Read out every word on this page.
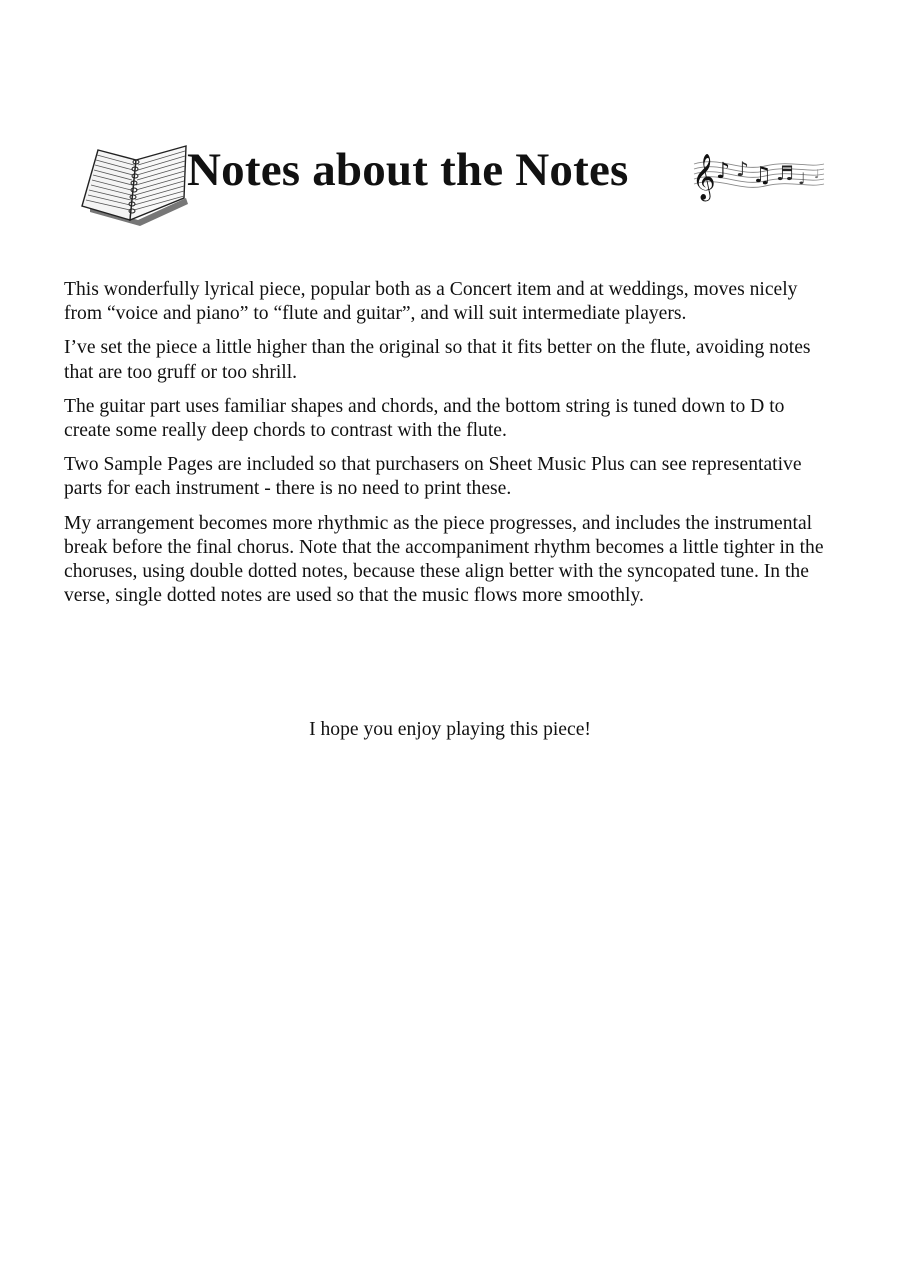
Notes about the Notes 𝄞 ♪ ♪ ♫ ♬ ♩ ♩

This wonderfully lyrical piece, popular both as a Concert item and at weddings, moves nicely from “voice and piano” to “flute and guitar”, and will suit intermediate players.

I’ve set the piece a little higher than the original so that it fits better on the flute, avoiding notes that are too gruff or too shrill.

The guitar part uses familiar shapes and chords, and the bottom string is tuned down to D to create some really deep chords to contrast with the flute.

Two Sample Pages are included so that purchasers on Sheet Music Plus can see representative parts for each instrument - there is no need to print these.

My arrangement becomes more rhythmic as the piece progresses, and includes the instrumental break before the final chorus. Note that the accompaniment rhythm becomes a little tighter in the choruses, using double dotted notes, because these align better with the syncopated tune. In the verse, single dotted notes are used so that the music flows more smoothly.

I hope you enjoy playing this piece!
